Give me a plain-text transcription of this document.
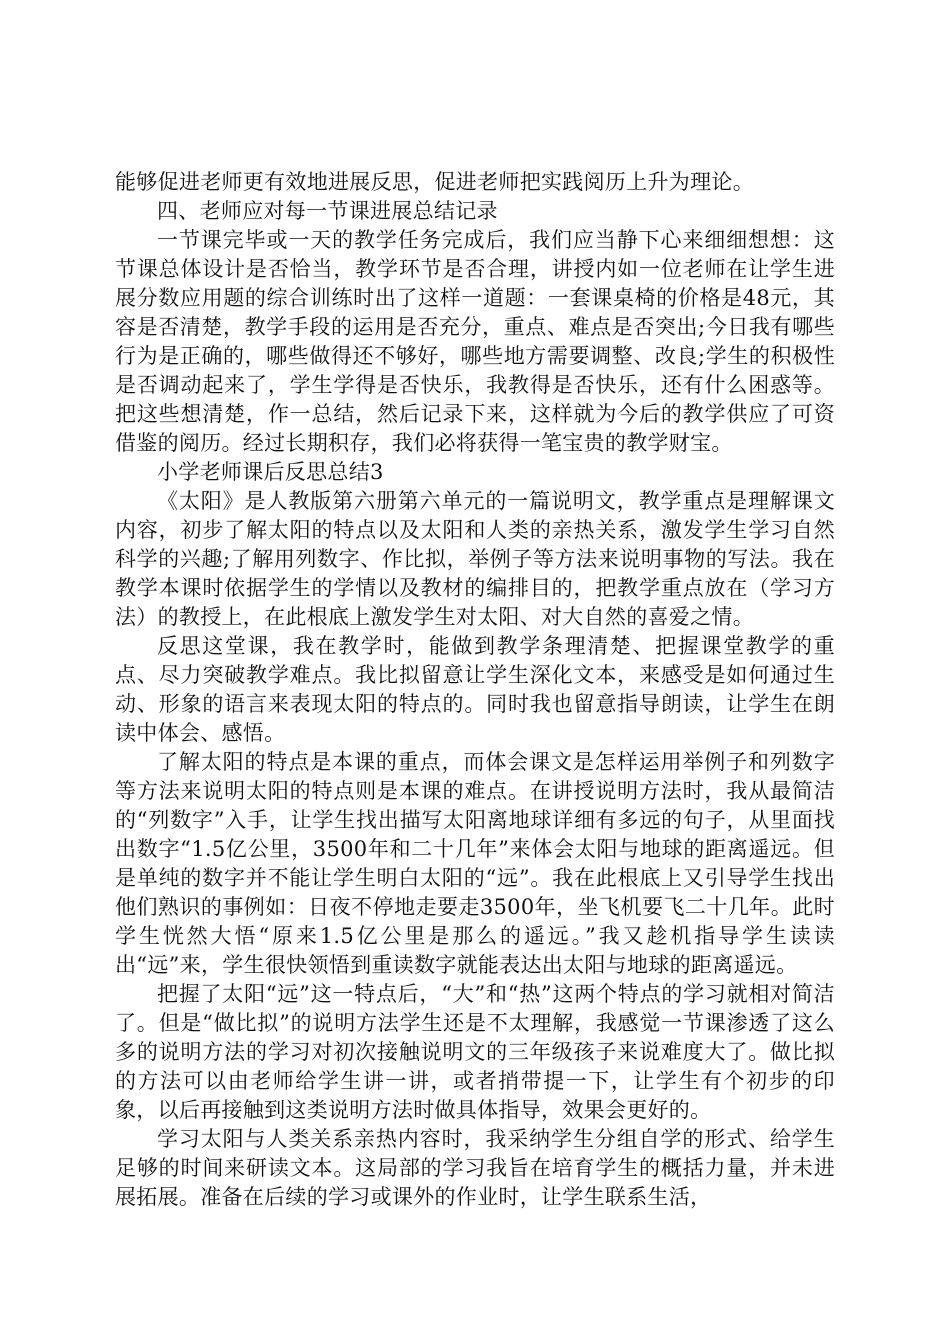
能够促进老师更有效地进展反思，促进老师把实践阅历上升为理论。

四、老师应对每一节课进展总结记录

一节课完毕或一天的教学任务完成后，我们应当静下心来细细想想：这节课总体设计是否恰当，教学环节是否合理，讲授内如一位老师在让学生进展分数应用题的综合训练时出了这样一道题：一套课桌椅的价格是48元，其容是否清楚，教学手段的运用是否充分，重点、难点是否突出;今日我有哪些行为是正确的，哪些做得还不够好，哪些地方需要调整、改良;学生的积极性是否调动起来了，学生学得是否快乐，我教得是否快乐，还有什么困惑等。把这些想清楚，作一总结，然后记录下来，这样就为今后的教学供应了可资借鉴的阅历。经过长期积存，我们必将获得一笔宝贵的教学财宝。

小学老师课后反思总结3

《太阳》是人教版第六册第六单元的一篇说明文，教学重点是理解课文内容，初步了解太阳的特点以及太阳和人类的亲热关系，激发学生学习自然科学的兴趣;了解用列数字、作比拟，举例子等方法来说明事物的写法。我在教学本课时依据学生的学情以及教材的编排目的，把教学重点放在（学习方法）的教授上，在此根底上激发学生对太阳、对大自然的喜爱之情。

反思这堂课，我在教学时，能做到教学条理清楚、把握课堂教学的重点、尽力突破教学难点。我比拟留意让学生深化文本，来感受是如何通过生动、形象的语言来表现太阳的特点的。同时我也留意指导朗读，让学生在朗读中体会、感悟。

了解太阳的特点是本课的重点，而体会课文是怎样运用举例子和列数字等方法来说明太阳的特点则是本课的难点。在讲授说明方法时，我从最简洁的“列数字”入手，让学生找出描写太阳离地球详细有多远的句子，从里面找出数字“1.5亿公里，3500年和二十几年”来体会太阳与地球的距离遥远。但是单纯的数字并不能让学生明白太阳的“远”。我在此根底上又引导学生找出他们熟识的事例如：日夜不停地走要走3500年，坐飞机要飞二十几年。此时学生恍然大悟“原来1.5亿公里是那么的遥远。”我又趁机指导学生读读出“远”来，学生很快领悟到重读数字就能表达出太阳与地球的距离遥远。

把握了太阳“远”这一特点后，“大”和“热”这两个特点的学习就相对简洁了。但是“做比拟”的说明方法学生还是不太理解，我感觉一节课渗透了这么多的说明方法的学习对初次接触说明文的三年级孩子来说难度大了。做比拟的方法可以由老师给学生讲一讲，或者捎带提一下，让学生有个初步的印象，以后再接触到这类说明方法时做具体指导，效果会更好的。

学习太阳与人类关系亲热内容时，我采纳学生分组自学的形式、给学生足够的时间来研读文本。这局部的学习我旨在培育学生的概括力量，并未进展拓展。准备在后续的学习或课外的作业时，让学生联系生活，
